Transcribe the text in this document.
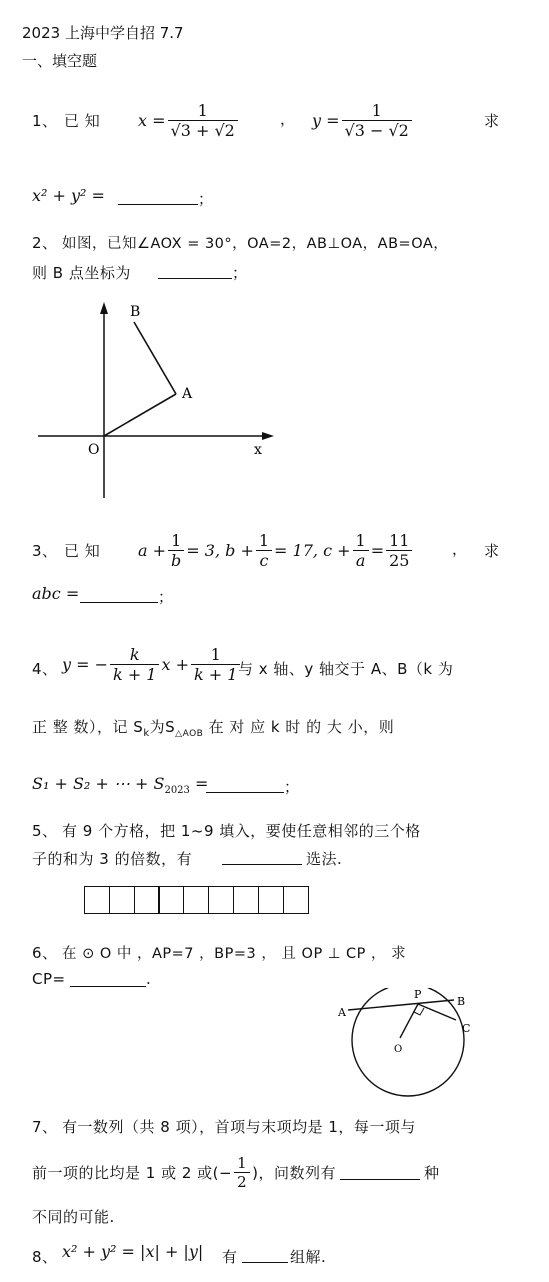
2023 上海中学自招 7.7
一、填空题
1、 已 知 $x = \frac{1}{√3 + √2}$	， $y = \frac{1}{√3 - √2}$	求
x² + y² =	；
2、 如图，已知∠AOX = 30°，OA=2，AB⊥OA，AB=OA，
则 B 点坐标为	；
B
A
O	x
3、 已 知 $a + \frac{1}{b} = 3$, $b + \frac{1}{c} = 17$, $c + \frac{1}{a} = \frac{11}{25}$	， 求
abc =	；
4、 y = − $\frac{k}{k + 1}$ $x + \frac{1}{k + 1}$
与 x 轴、y 轴交于 A、B（k 为
正 整 数），记 $S_k$为$S_{\triangle AOB}$ 在 对 应 k 时 的 大 小，则
S₁ + S₂ + ⋯ + $S_{2023}$ =	；
5、 有 9 个方格，把 1~9 填入，要使任意相邻的三个格
子的和为 3 的倍数，有	选法.
6、 在 ⊙ O 中 ，AP=7 ，BP=3 ， 且 OP ⊥ CP ， 求
CP=	.
A
P
B
C
O
7、 有一数列（共 8 项），首项与末项均是 1，每一项与
前一项的比均是 1 或 2 或(− $\frac{1}{2}$ )，问数列有	种
不同的可能.
8、 x² + y² = |x| + |y| 有	组解.
